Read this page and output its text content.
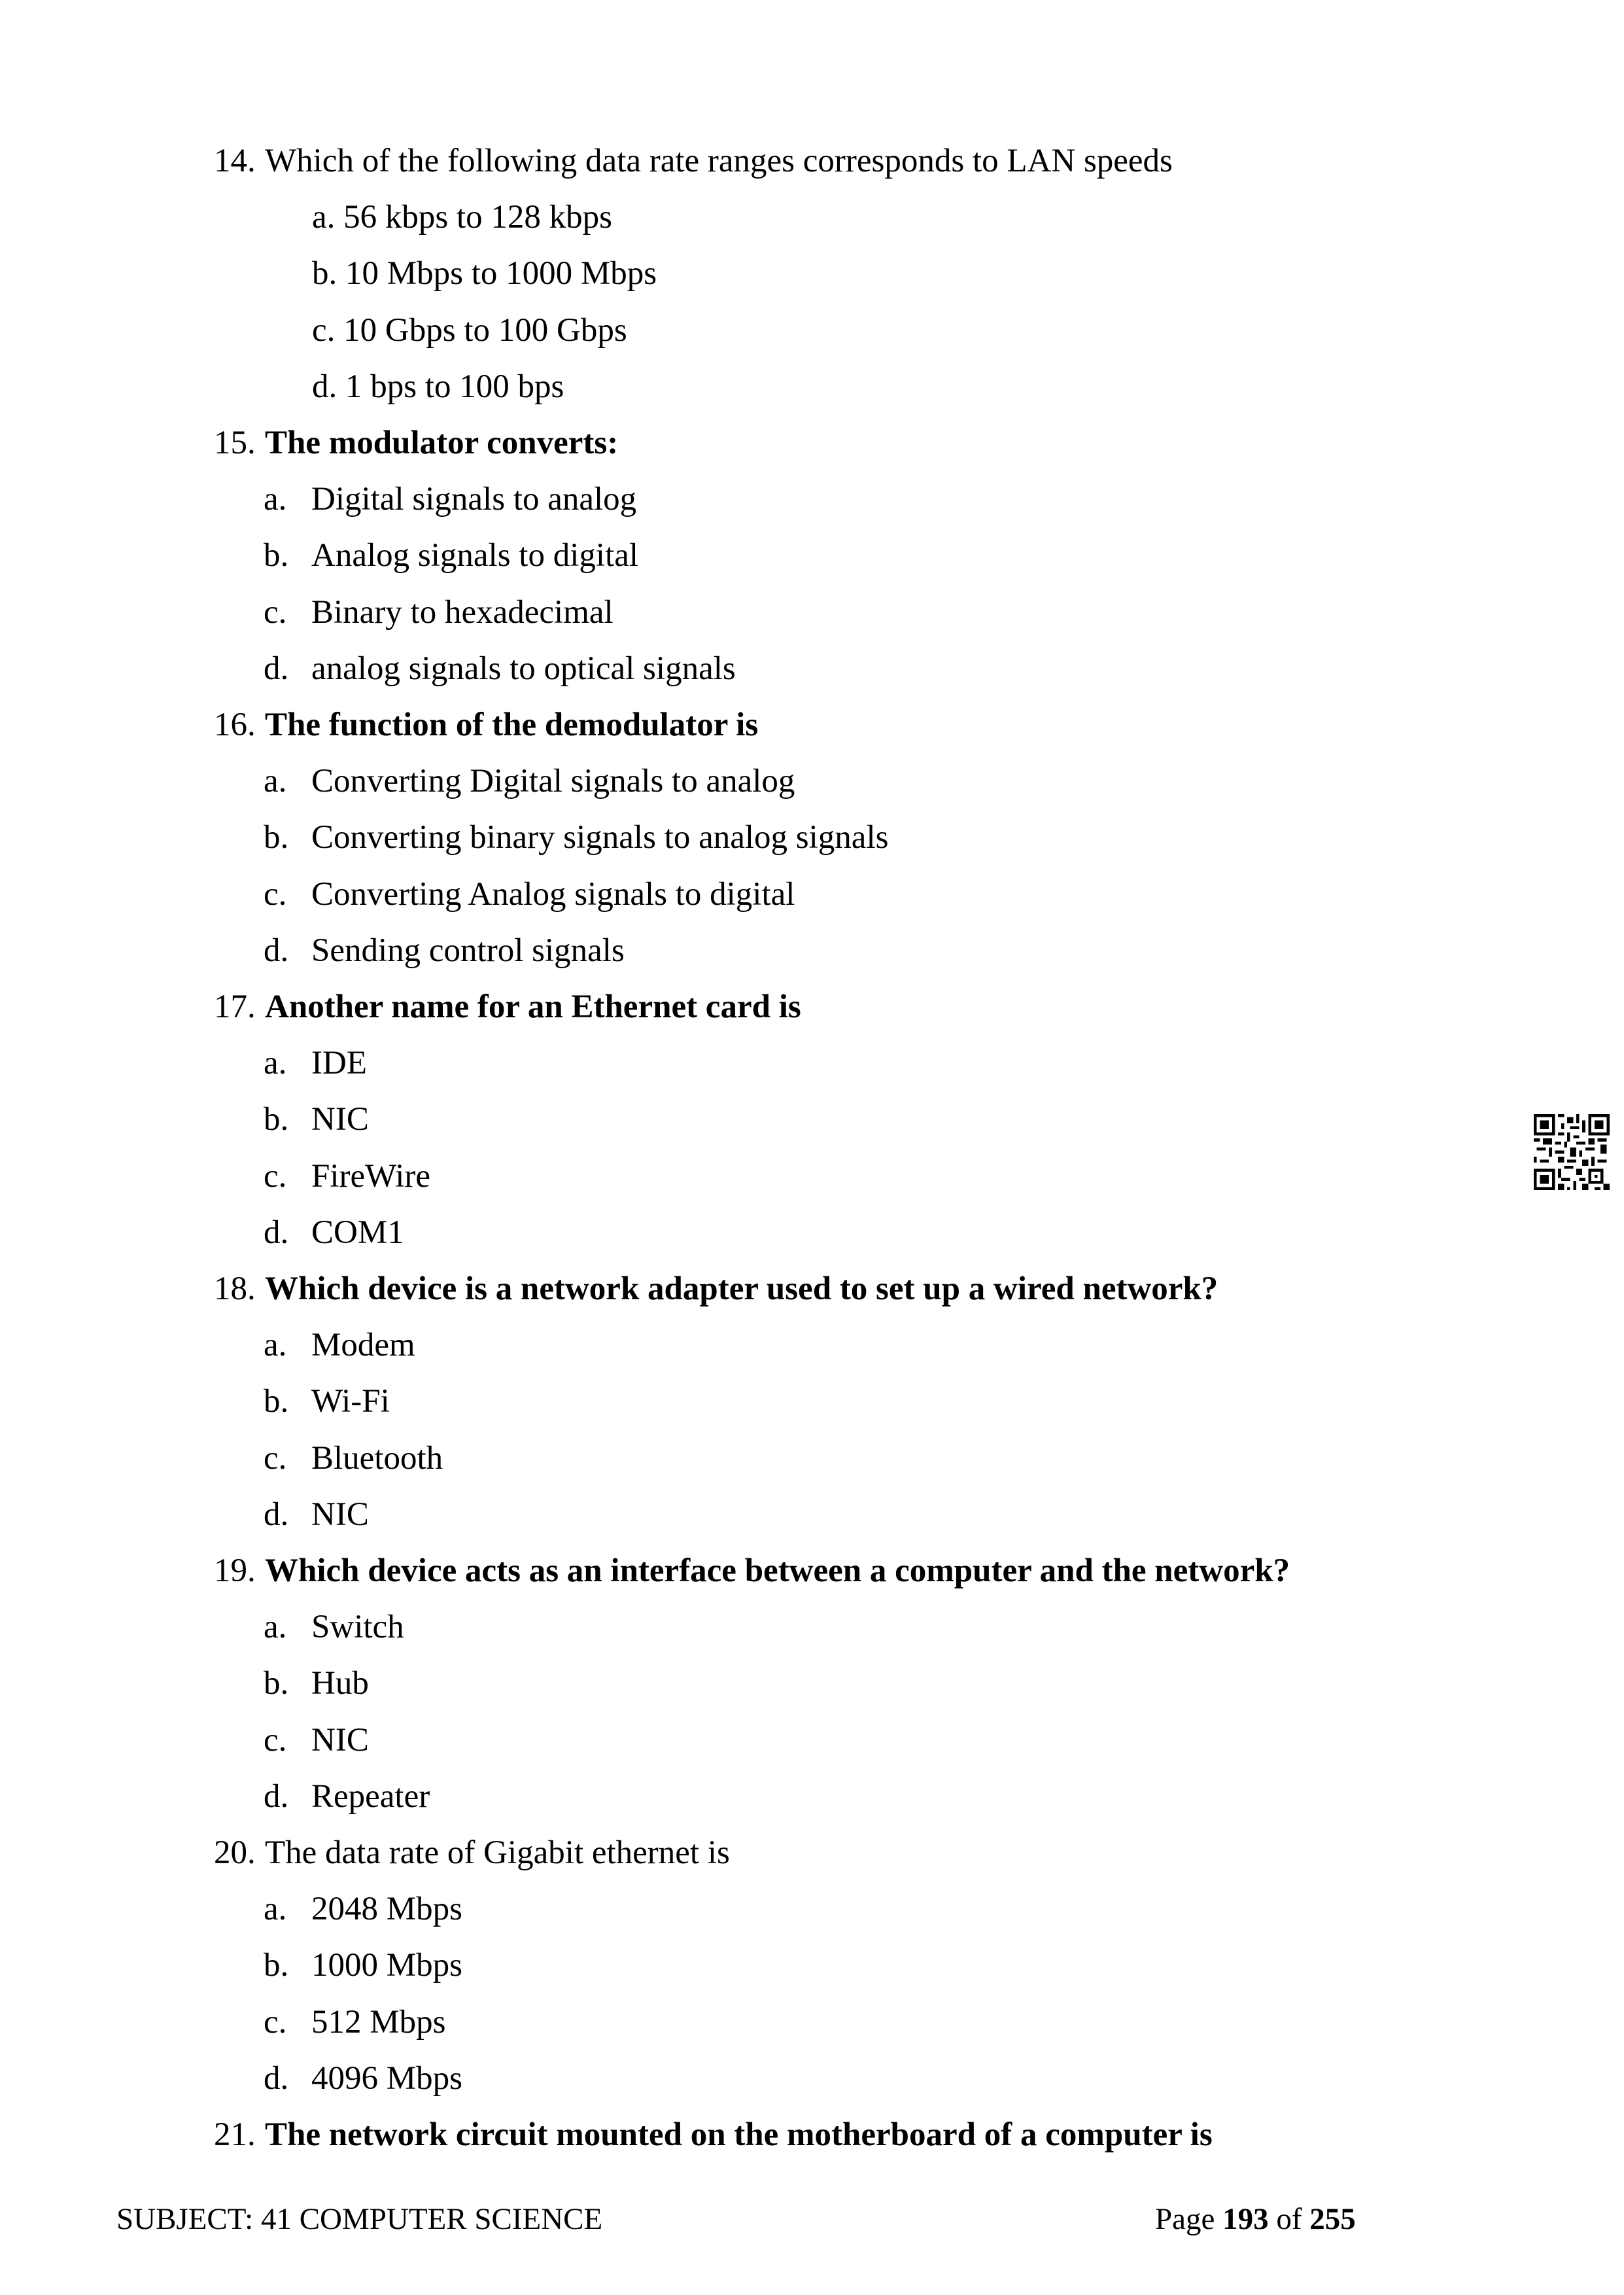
14. Which of the following data rate ranges corresponds to LAN speeds
a. 56 kbps to 128 kbps
b. 10 Mbps to 1000 Mbps
c. 10 Gbps to 100 Gbps
d. 1 bps to 100 bps
15. The modulator converts:
a. Digital signals to analog
b. Analog signals to digital
c. Binary to hexadecimal
d. analog signals to optical signals
16. The function of the demodulator is
a. Converting Digital signals to analog
b. Converting binary signals to analog signals
c. Converting Analog signals to digital
d. Sending control signals
17. Another name for an Ethernet card is
a. IDE
b. NIC
c. FireWire
d. COM1
18. Which device is a network adapter used to set up a wired network?
a. Modem
b. Wi-Fi
c. Bluetooth
d. NIC
19. Which device acts as an interface between a computer and the network?
a. Switch
b. Hub
c. NIC
d. Repeater
20. The data rate of Gigabit ethernet is
a. 2048 Mbps
b. 1000 Mbps
c. 512 Mbps
d. 4096 Mbps
21. The network circuit mounted on the motherboard of a computer is
SUBJECT: 41 COMPUTER SCIENCE	Page 193 of 255
